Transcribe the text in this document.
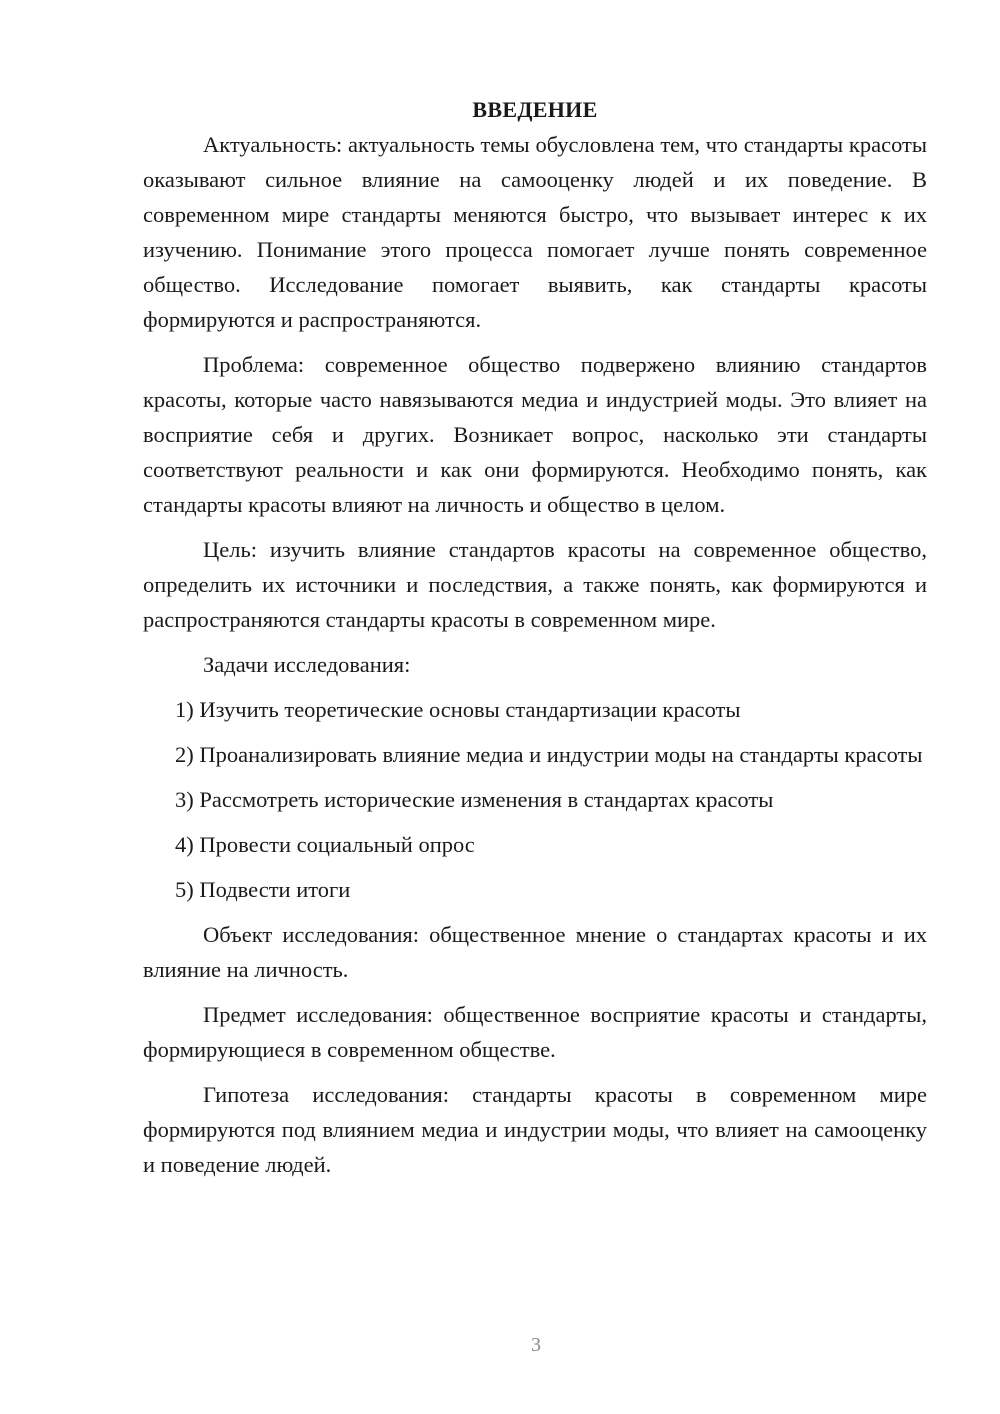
ВВЕДЕНИЕ

Актуальность: актуальность темы обусловлена тем, что стандарты красоты оказывают сильное влияние на самооценку людей и их поведение. В современном мире стандарты меняются быстро, что вызывает интерес к их изучению. Понимание этого процесса помогает лучше понять современное общество. Исследование помогает выявить, как стандарты красоты формируются и распространяются.

Проблема: современное общество подвержено влиянию стандартов красоты, которые часто навязываются медиа и индустрией моды. Это влияет на восприятие себя и других. Возникает вопрос, насколько эти стандарты соответствуют реальности и как они формируются. Необходимо понять, как стандарты красоты влияют на личность и общество в целом.

Цель: изучить влияние стандартов красоты на современное общество, определить их источники и последствия, а также понять, как формируются и распространяются стандарты красоты в современном мире.

Задачи исследования:

1) Изучить теоретические основы стандартизации красоты

2) Проанализировать влияние медиа и индустрии моды на стандарты красоты

3) Рассмотреть исторические изменения в стандартах красоты

4) Провести социальный опрос

5) Подвести итоги

Объект исследования: общественное мнение о стандартах красоты и их влияние на личность.

Предмет исследования: общественное восприятие красоты и стандарты, формирующиеся в современном обществе.

Гипотеза исследования: стандарты красоты в современном мире формируются под влиянием медиа и индустрии моды, что влияет на самооценку и поведение людей.

3
